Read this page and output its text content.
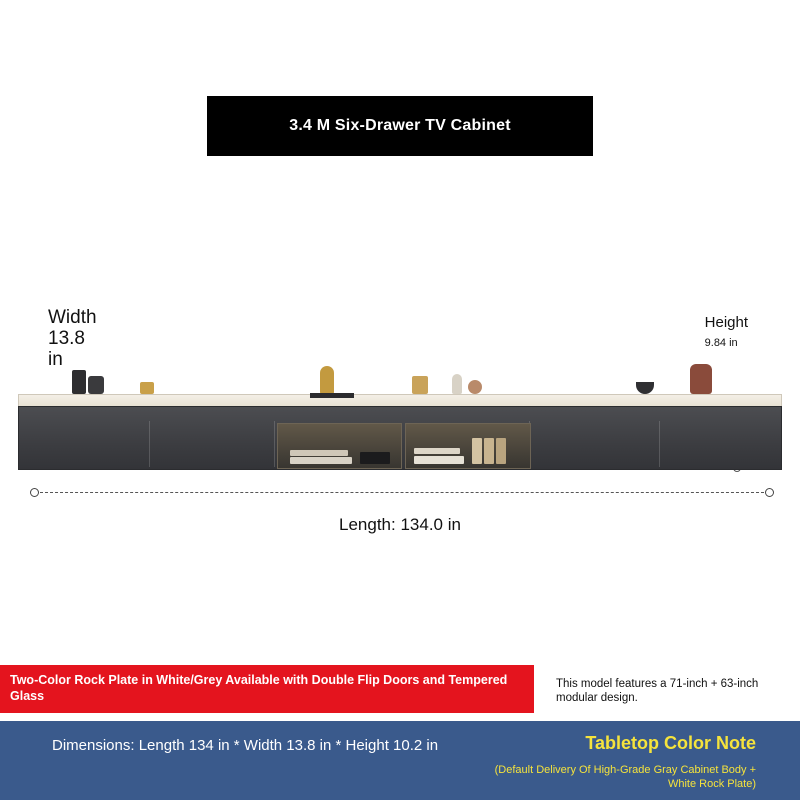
3.4 M Six-Drawer TV Cabinet
Width
13.8
in
Height
9.84 in
Length: 134.0 in
Two-Color Rock Plate in White/Grey Available with Double Flip Doors and Tempered Glass
This model features a 71-inch + 63-inch modular design.
Dimensions: Length 134 in * Width 13.8 in * Height 10.2 in	Tabletop Color Note
(Default Delivery Of High-Grade Gray Cabinet Body + White Rock Plate)
